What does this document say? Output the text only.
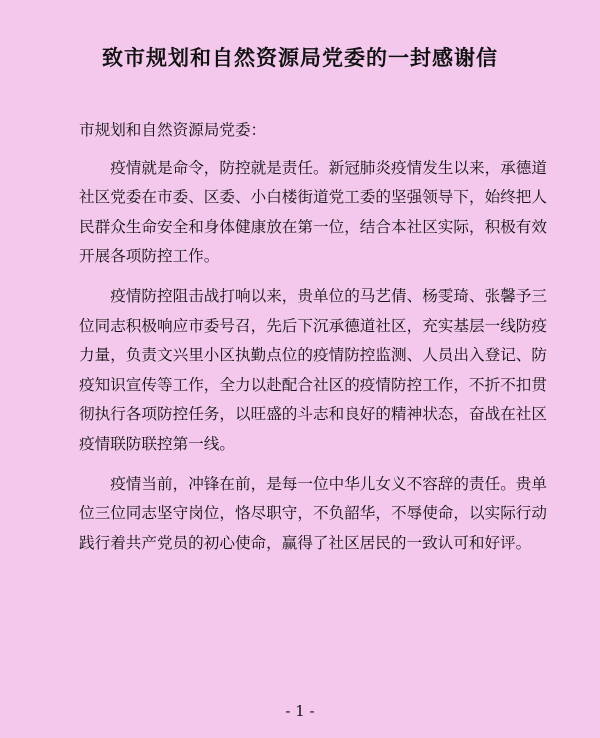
致市规划和自然资源局党委的一封感谢信
市规划和自然资源局党委：

疫情就是命令，防控就是责任。新冠肺炎疫情发生以来，承德道社区党委在市委、区委、小白楼街道党工委的坚强领导下，始终把人民群众生命安全和身体健康放在第一位，结合本社区实际，积极有效开展各项防控工作。

疫情防控阻击战打响以来，贵单位的马艺倩、杨雯琦、张馨予三位同志积极响应市委号召，先后下沉承德道社区，充实基层一线防疫力量，负责文兴里小区执勤点位的疫情防控监测、人员出入登记、防疫知识宣传等工作，全力以赴配合社区的疫情防控工作，不折不扣贯彻执行各项防控任务，以旺盛的斗志和良好的精神状态，奋战在社区疫情联防联控第一线。

疫情当前，冲锋在前，是每一位中华儿女义不容辞的责任。贵单位三位同志坚守岗位，恪尽职守，不负韶华，不辱使命，以实际行动践行着共产党员的初心使命，赢得了社区居民的一致认可和好评。

- 1 -
